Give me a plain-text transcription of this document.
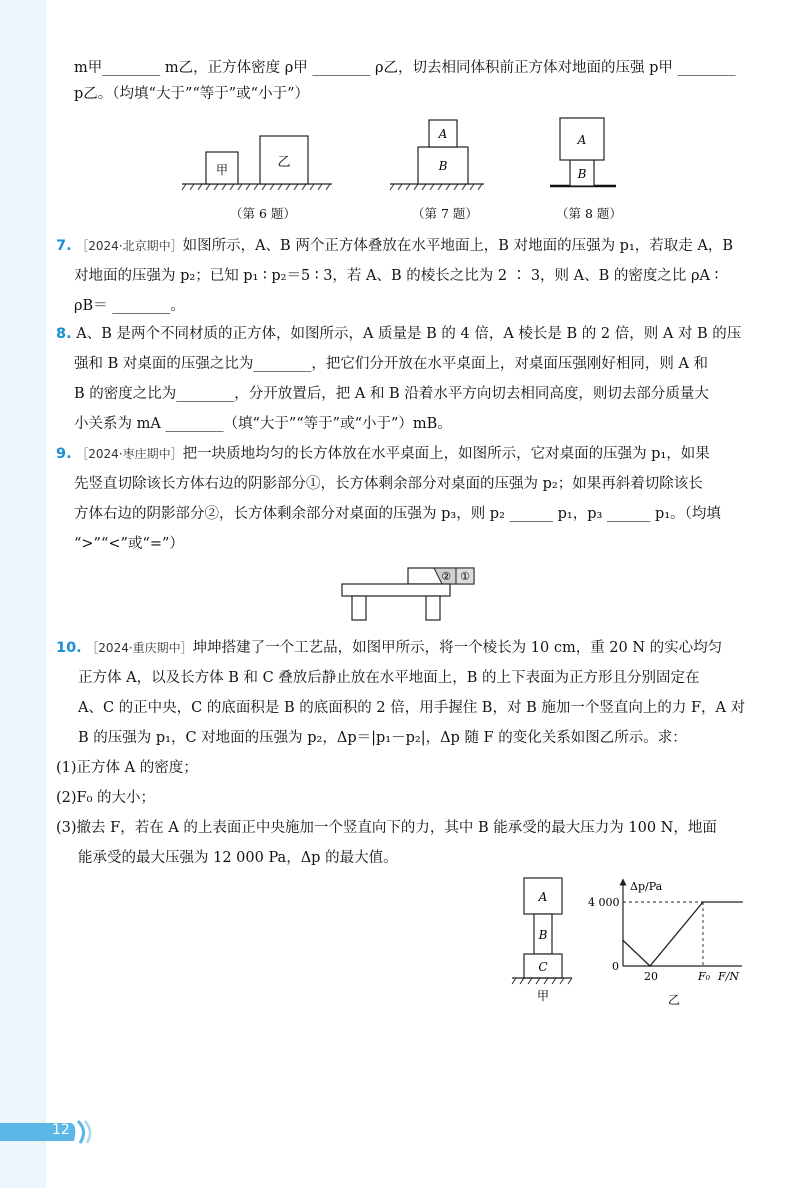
m甲________ m乙，正方体密度 ρ甲 ________ ρ乙，切去相同体积前正方体对地面的压强 p甲 ________
p乙。（均填“大于”“等于”或“小于”）
甲	乙
A
B
A
B
（第 6 题）	（第 7 题）	（第 8 题）
7. ［2024·北京期中］如图所示，A、B 两个正方体叠放在水平地面上，B 对地面的压强为 p₁，若取走 A，B
对地面的压强为 p₂；已知 p₁ ∶ p₂＝5 ∶ 3，若 A、B 的棱长之比为 2 ∶ 3，则 A、B 的密度之比 ρA ∶
ρB＝ ________。
8. A、B 是两个不同材质的正方体，如图所示，A 质量是 B 的 4 倍，A 棱长是 B 的 2 倍，则 A 对 B 的压
强和 B 对桌面的压强之比为________，把它们分开放在水平桌面上，对桌面压强刚好相同，则 A 和
B 的密度之比为________，分开放置后，把 A 和 B 沿着水平方向切去相同高度，则切去部分质量大
小关系为 mA ________（填“大于”“等于”或“小于”）mB。
9. ［2024·枣庄期中］把一块质地均匀的长方体放在水平桌面上，如图所示，它对桌面的压强为 p₁，如果
先竖直切除该长方体右边的阴影部分①，长方体剩余部分对桌面的压强为 p₂；如果再斜着切除该长
方体右边的阴影部分②，长方体剩余部分对桌面的压强为 p₃，则 p₂ ______ p₁，p₃ ______ p₁。（均填
“>”“<”或“=”）
② ①
10. ［2024·重庆期中］坤坤搭建了一个工艺品，如图甲所示，将一个棱长为 10 cm，重 20 N 的实心均匀
正方体 A，以及长方体 B 和 C 叠放后静止放在水平地面上，B 的上下表面为正方形且分别固定在
A、C 的正中央，C 的底面积是 B 的底面积的 2 倍，用手握住 B，对 B 施加一个竖直向上的力 F，A 对
B 的压强为 p₁，C 对地面的压强为 p₂，Δp＝|p₁－p₂|，Δp 随 F 的变化关系如图乙所示。求：
(1)正方体 A 的密度；
(2)F₀ 的大小；
(3)撤去 F，若在 A 的上表面正中央施加一个竖直向下的力，其中 B 能承受的最大压力为 100 N，地面
能承受的最大压强为 12 000 Pa，Δp 的最大值。
A
B
C
甲
Δp/Pa
F/N
4 000
0
20	F₀
乙
12
